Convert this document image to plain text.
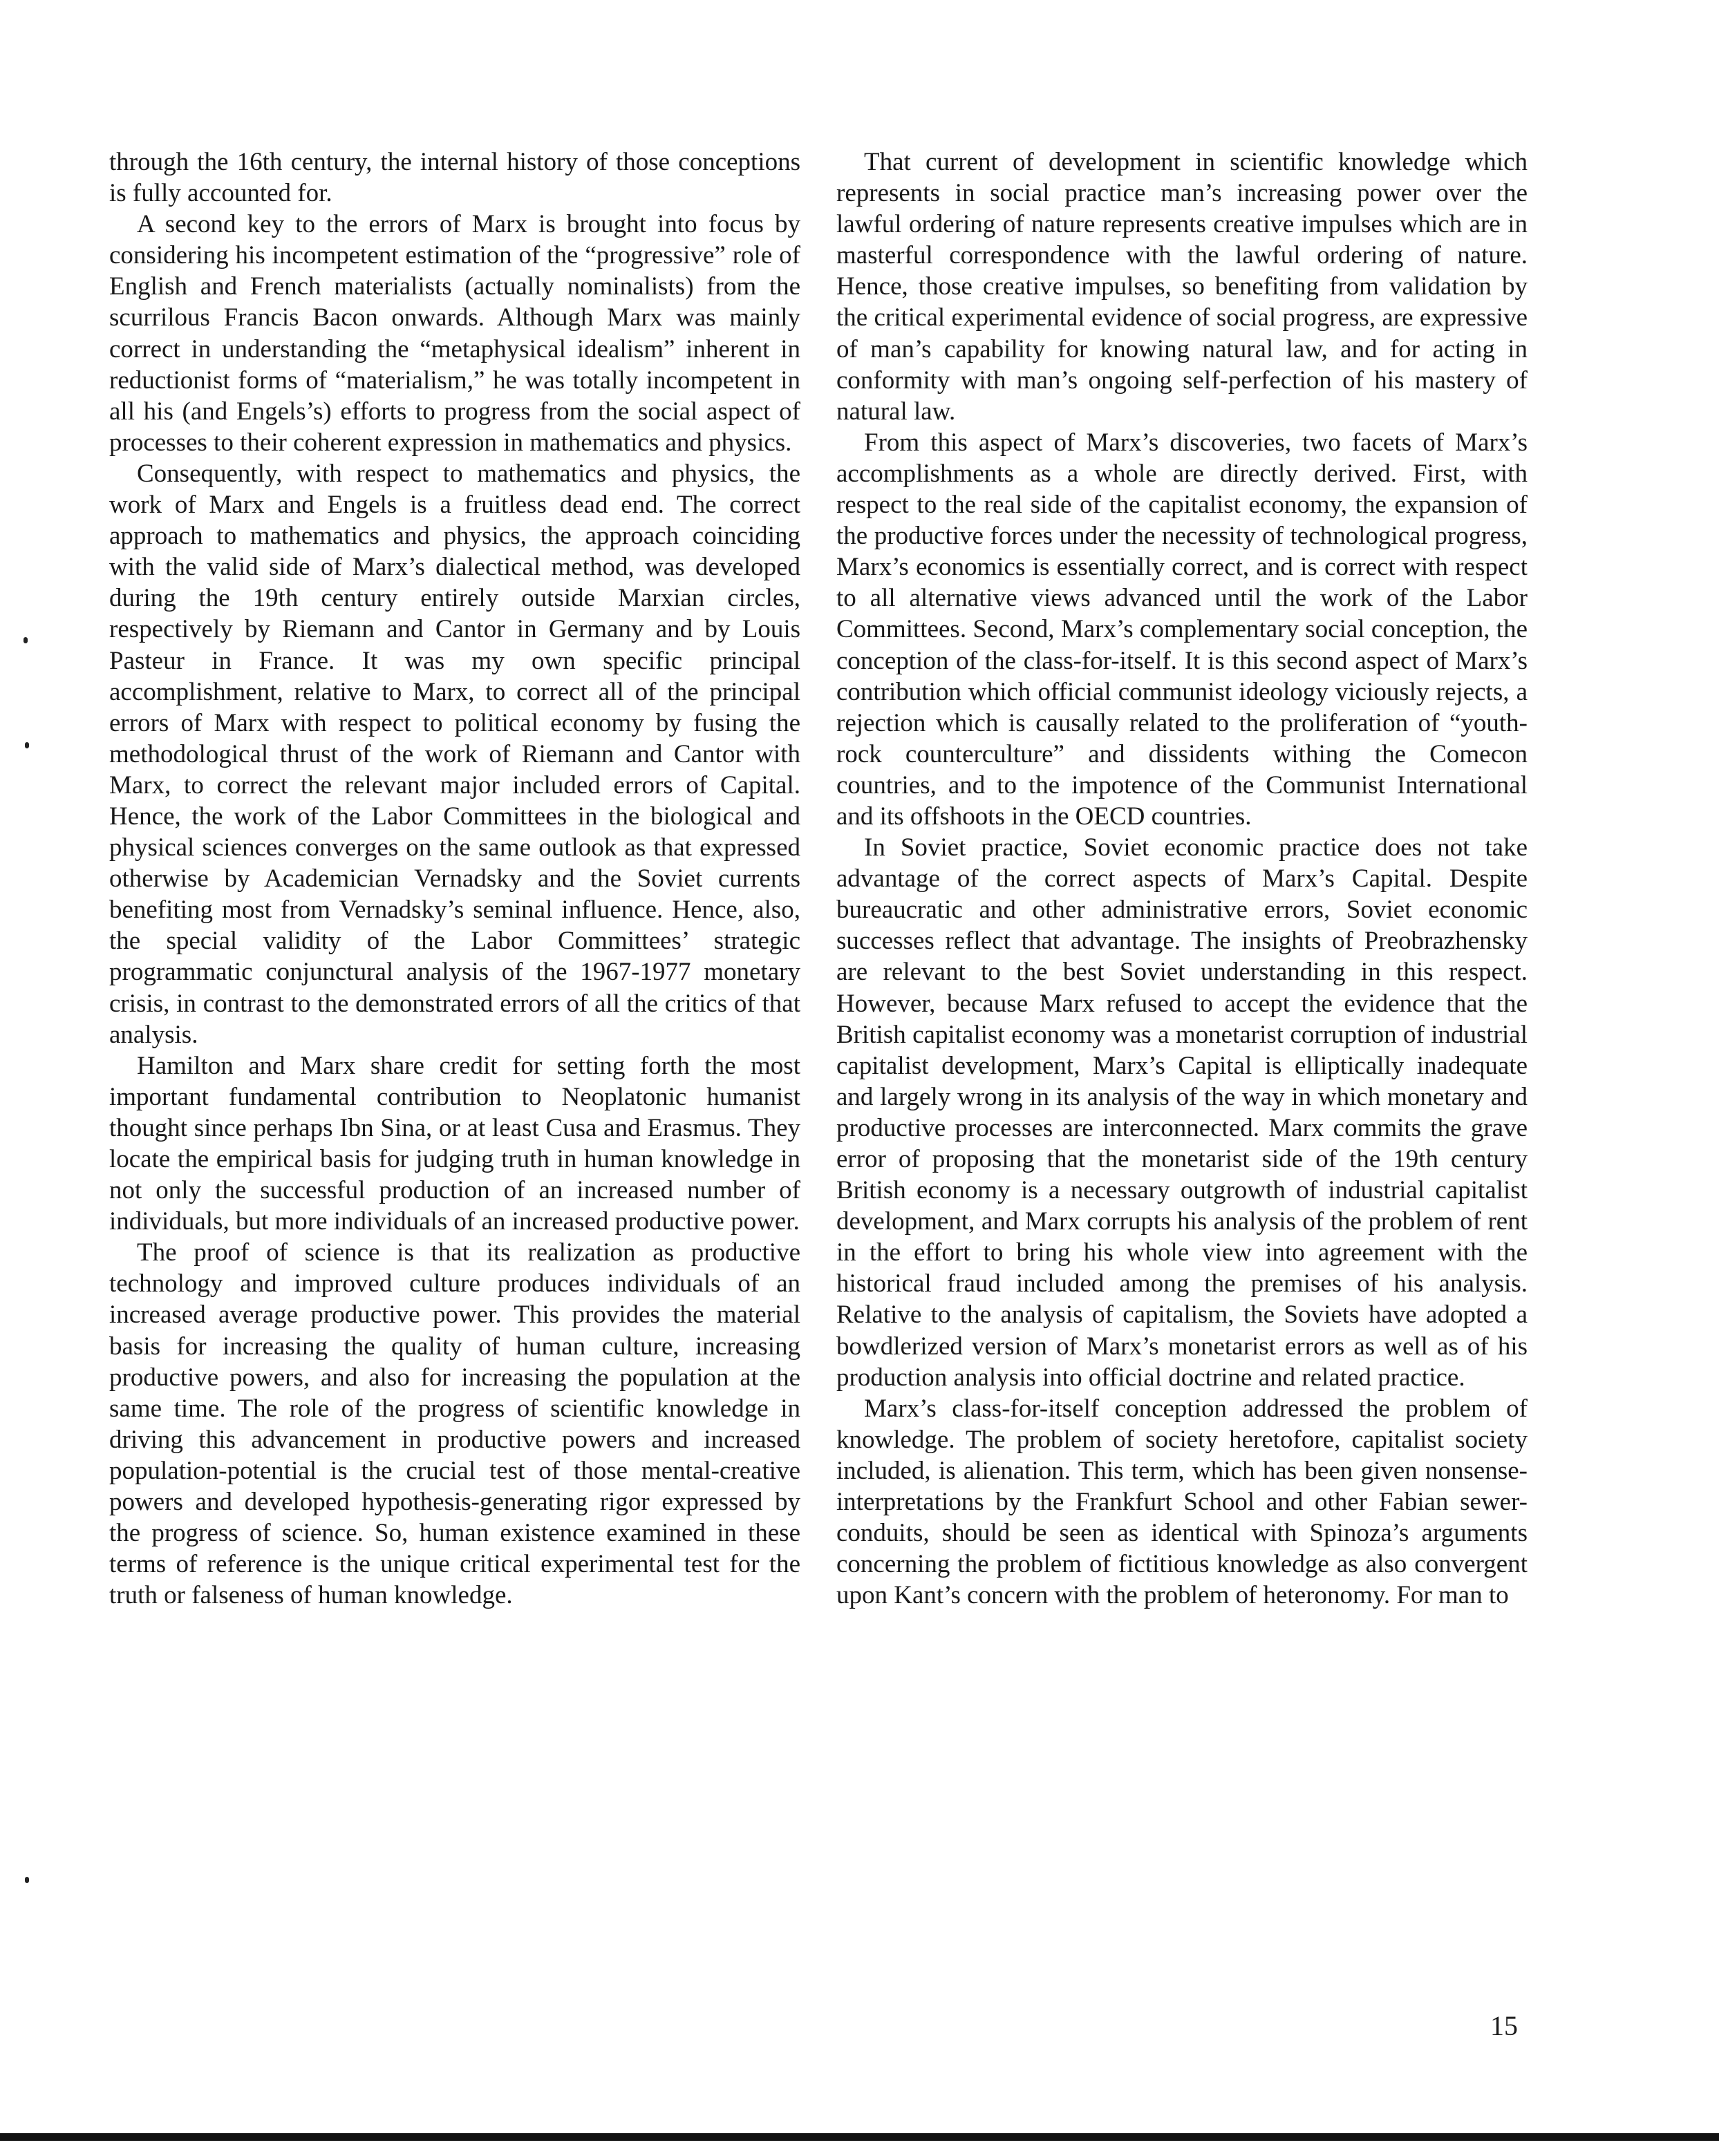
through the 16th century, the internal history of those conceptions is fully accounted for.

A second key to the errors of Marx is brought into focus by considering his incompetent estimation of the “progressive” role of English and French materialists (actually nominalists) from the scurrilous Francis Bacon onwards. Although Marx was mainly correct in understanding the “metaphysical idealism” inherent in reductionist forms of “materialism,” he was totally incompetent in all his (and Engels’s) efforts to progress from the social aspect of processes to their coherent expression in mathematics and physics.

Consequently, with respect to mathematics and physics, the work of Marx and Engels is a fruitless dead end. The correct approach to mathematics and physics, the approach coinciding with the valid side of Marx’s dialectical method, was developed during the 19th century entirely outside Marxian circles, respectively by Riemann and Cantor in Germany and by Louis Pasteur in France. It was my own specific principal accomplishment, relative to Marx, to correct all of the principal errors of Marx with respect to political economy by fusing the methodological thrust of the work of Riemann and Cantor with Marx, to correct the relevant major included errors of Capital. Hence, the work of the Labor Committees in the biological and physical sciences converges on the same outlook as that expressed otherwise by Academician Vernadsky and the Soviet currents benefiting most from Vernadsky’s seminal influence. Hence, also, the special validity of the Labor Committees’ strategic programmatic conjunctural analysis of the 1967-1977 monetary crisis, in contrast to the demonstrated errors of all the critics of that analysis.

Hamilton and Marx share credit for setting forth the most important fundamental contribution to Neoplatonic humanist thought since perhaps Ibn Sina, or at least Cusa and Erasmus. They locate the empirical basis for judging truth in human knowledge in not only the successful production of an increased number of individuals, but more individuals of an increased productive power.

The proof of science is that its realization as productive technology and improved culture produces individuals of an increased average productive power. This provides the material basis for increasing the quality of human culture, increasing productive powers, and also for increasing the population at the same time. The role of the progress of scientific knowledge in driving this advancement in productive powers and increased population-potential is the crucial test of those mental-creative powers and developed hypothesis-generating rigor expressed by the progress of science. So, human existence examined in these terms of reference is the unique critical experimental test for the truth or falseness of human knowledge.

That current of development in scientific knowledge which represents in social practice man’s increasing power over the lawful ordering of nature represents creative impulses which are in masterful correspondence with the lawful ordering of nature. Hence, those creative impulses, so benefiting from validation by the critical experimental evidence of social progress, are expressive of man’s capability for knowing natural law, and for acting in conformity with man’s ongoing self-perfection of his mastery of natural law.

From this aspect of Marx’s discoveries, two facets of Marx’s accomplishments as a whole are directly derived. First, with respect to the real side of the capitalist economy, the expansion of the productive forces under the necessity of technological progress, Marx’s economics is essentially correct, and is correct with respect to all alternative views advanced until the work of the Labor Committees. Second, Marx’s complementary social conception, the conception of the class-for-itself. It is this second aspect of Marx’s contribution which official communist ideology viciously rejects, a rejection which is causally related to the proliferation of “youth-rock counterculture” and dissidents withing the Comecon countries, and to the impotence of the Communist International and its offshoots in the OECD countries.

In Soviet practice, Soviet economic practice does not take advantage of the correct aspects of Marx’s Capital. Despite bureaucratic and other administrative errors, Soviet economic successes reflect that advantage. The insights of Preobrazhensky are relevant to the best Soviet understanding in this respect. However, because Marx refused to accept the evidence that the British capitalist economy was a monetarist corruption of industrial capitalist development, Marx’s Capital is elliptically inadequate and largely wrong in its analysis of the way in which monetary and productive processes are interconnected. Marx commits the grave error of proposing that the monetarist side of the 19th century British economy is a necessary outgrowth of industrial capitalist development, and Marx corrupts his analysis of the problem of rent in the effort to bring his whole view into agreement with the historical fraud included among the premises of his analysis. Relative to the analysis of capitalism, the Soviets have adopted a bowdlerized version of Marx’s monetarist errors as well as of his production analysis into official doctrine and related practice.

Marx’s class-for-itself conception addressed the problem of knowledge. The problem of society heretofore, capitalist society included, is alienation. This term, which has been given nonsense-interpretations by the Frankfurt School and other Fabian sewer-conduits, should be seen as identical with Spinoza’s arguments concerning the problem of fictitious knowledge as also convergent upon Kant’s concern with the problem of heteronomy. For man to

15
